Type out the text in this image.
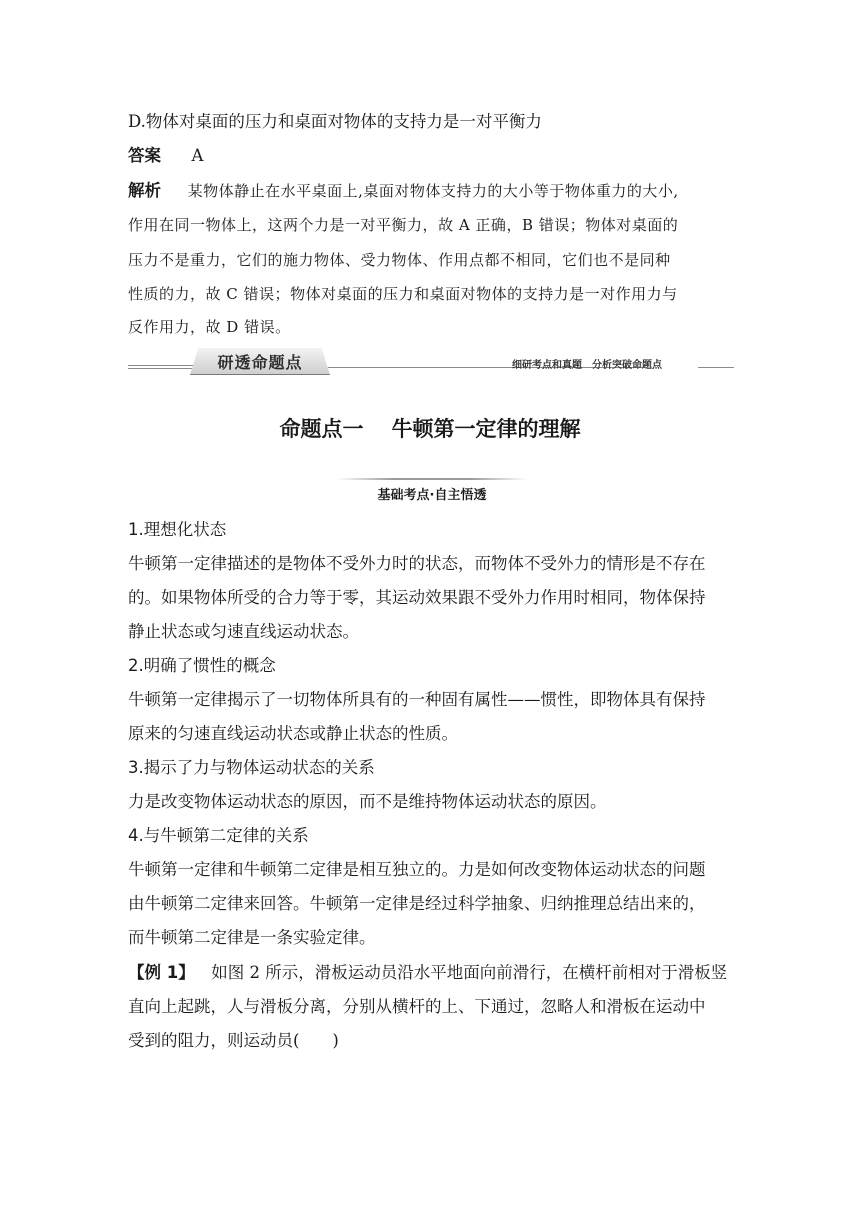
D.物体对桌面的压力和桌面对物体的支持力是一对平衡力
答案 A
解析 某物体静止在水平桌面上,桌面对物体支持力的大小等于物体重力的大小,
作用在同一物体上，这两个力是一对平衡力，故 A 正确，B 错误；物体对桌面的
压力不是重力，它们的施力物体、受力物体、作用点都不相同，它们也不是同种
性质的力，故 C 错误；物体对桌面的压力和桌面对物体的支持力是一对作用力与
反作用力，故 D 错误。
研透命题点	细研考点和真题　分析突破命题点
命题点一 牛顿第一定律的理解
基础考点·自主悟透
1.理想化状态
牛顿第一定律描述的是物体不受外力时的状态，而物体不受外力的情形是不存在
的。如果物体所受的合力等于零，其运动效果跟不受外力作用时相同，物体保持
静止状态或匀速直线运动状态。
2.明确了惯性的概念
牛顿第一定律揭示了一切物体所具有的一种固有属性——惯性，即物体具有保持
原来的匀速直线运动状态或静止状态的性质。
3.揭示了力与物体运动状态的关系
力是改变物体运动状态的原因，而不是维持物体运动状态的原因。
4.与牛顿第二定律的关系
牛顿第一定律和牛顿第二定律是相互独立的。力是如何改变物体运动状态的问题
由牛顿第二定律来回答。牛顿第一定律是经过科学抽象、归纳推理总结出来的，
而牛顿第二定律是一条实验定律。
【例 1】 如图 2 所示，滑板运动员沿水平地面向前滑行，在横杆前相对于滑板竖
直向上起跳，人与滑板分离，分别从横杆的上、下通过，忽略人和滑板在运动中
受到的阻力，则运动员(　　)
